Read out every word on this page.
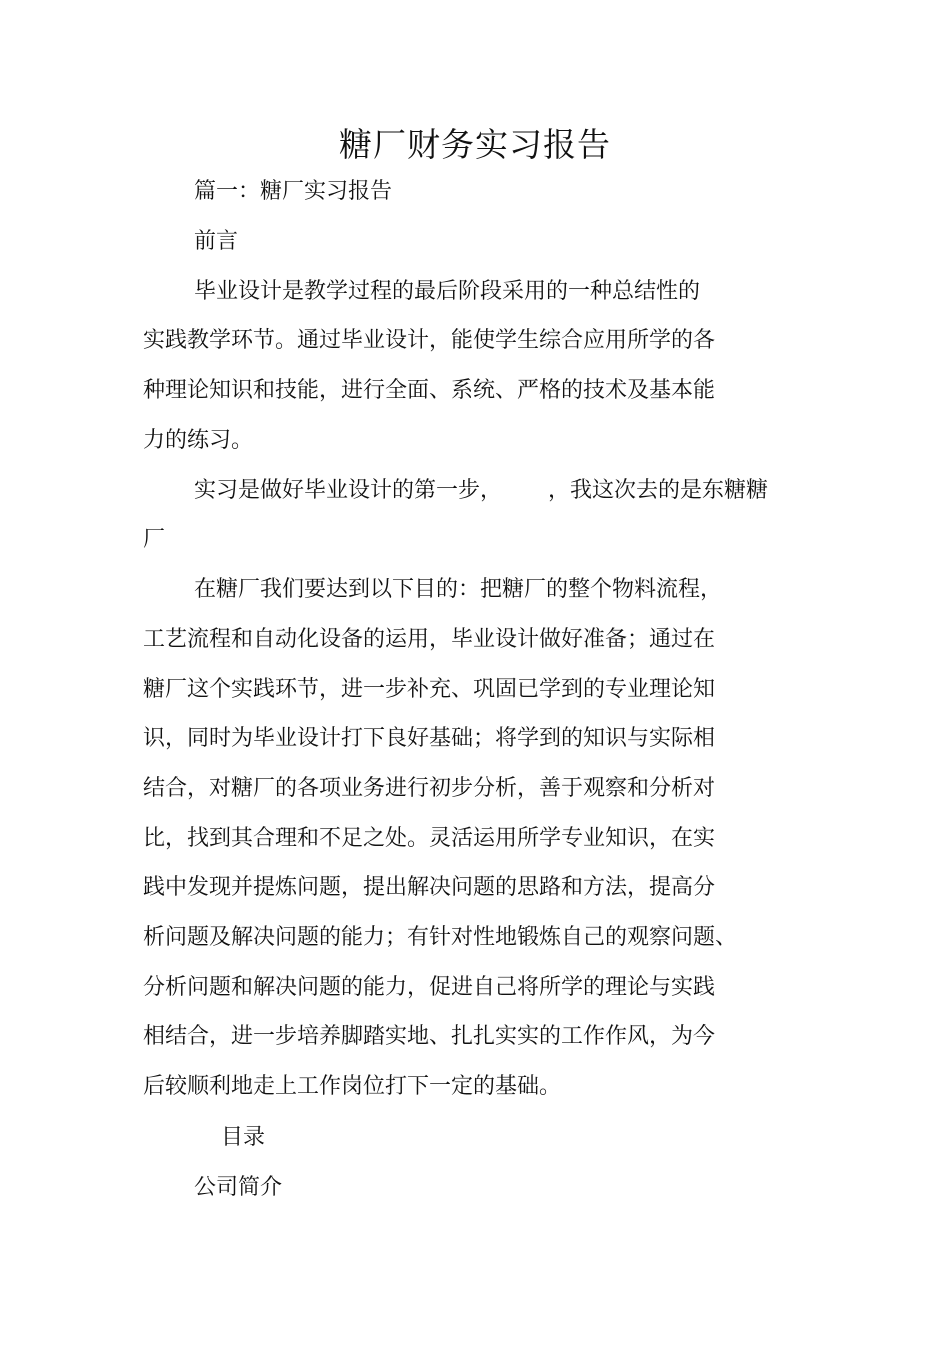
糖厂财务实习报告
篇一：糖厂实习报告
前言
毕业设计是教学过程的最后阶段采用的一种总结性的
实践教学环节。通过毕业设计，能使学生综合应用所学的各
种理论知识和技能，进行全面、系统、严格的技术及基本能
力的练习。
实习是做好毕业设计的第一步， ，我这次去的是东糖糖
厂
在糖厂我们要达到以下目的：把糖厂的整个物料流程，
工艺流程和自动化设备的运用，毕业设计做好准备；通过在
糖厂这个实践环节，进一步补充、巩固已学到的专业理论知
识，同时为毕业设计打下良好基础；将学到的知识与实际相
结合，对糖厂的各项业务进行初步分析，善于观察和分析对
比，找到其合理和不足之处。灵活运用所学专业知识，在实
践中发现并提炼问题，提出解决问题的思路和方法，提高分
析问题及解决问题的能力；有针对性地锻炼自己的观察问题、
分析问题和解决问题的能力，促进自己将所学的理论与实践
相结合，进一步培养脚踏实地、扎扎实实的工作作风，为今
后较顺利地走上工作岗位打下一定的基础。
目录
公司简介
